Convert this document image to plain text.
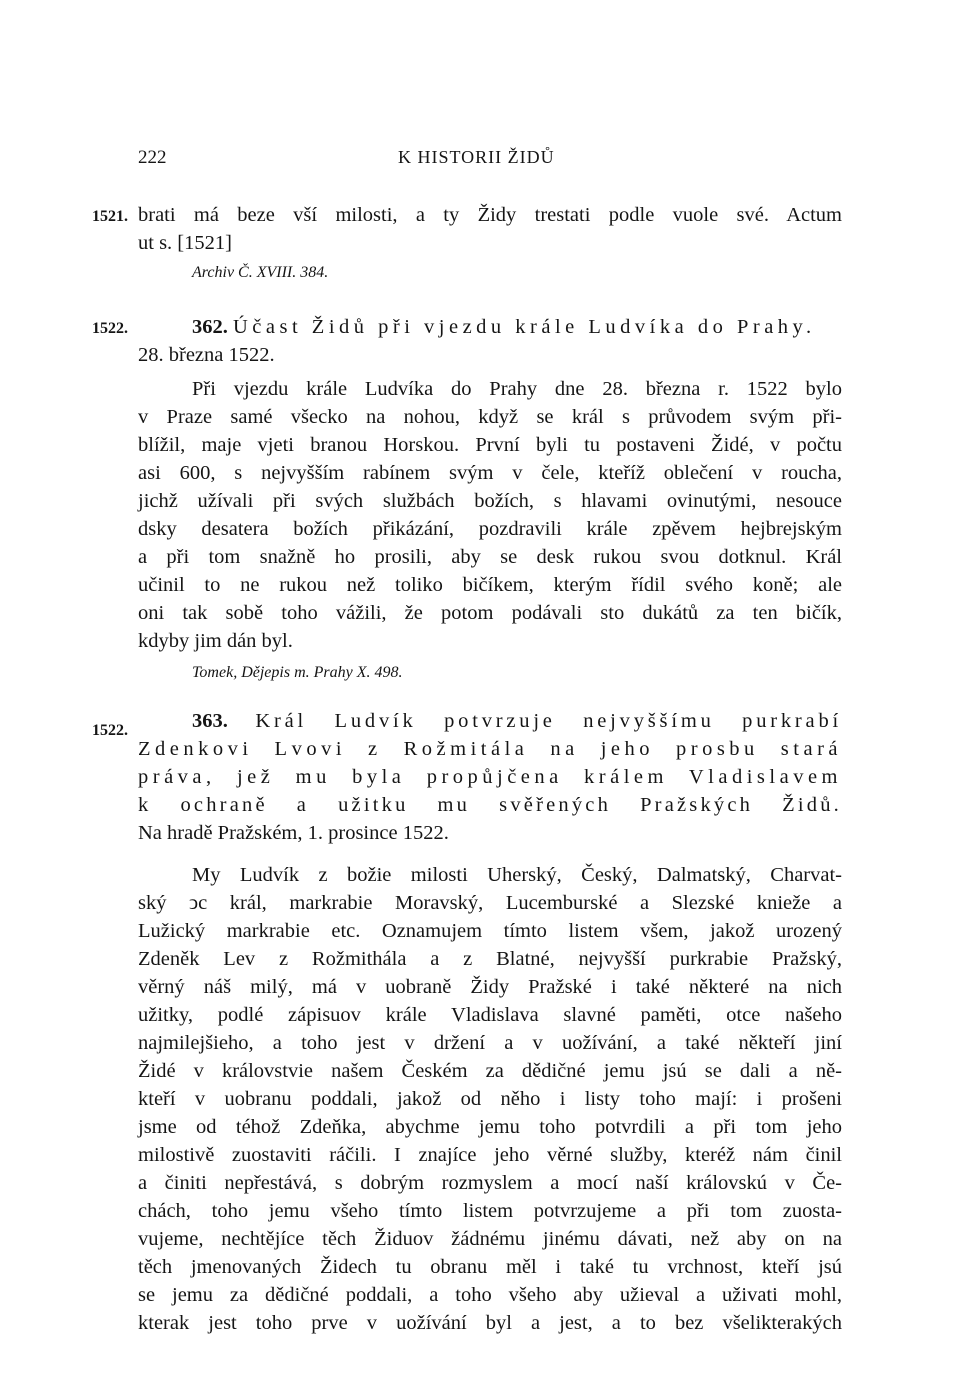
222	K HISTORII ŽIDŮ
1521. brati má beze vší milosti, a ty Židy trestati podle vuole své. Actum
ut s. [1521]
Archiv Č. XVIII. 384.
1522.	362. Účast Židů při vjezdu krále Ludvíka do Prahy.
28. března 1522.
Při vjezdu krále Ludvíka do Prahy dne 28. března r. 1522 bylo
v Praze samé všecko na nohou, když se král s průvodem svým při-
blížil, maje vjeti branou Horskou. První byli tu postaveni Židé, v počtu
asi 600, s nejvyšším rabínem svým v čele, kteříž oblečení v roucha,
jichž užívali při svých službách božích, s hlavami ovinutými, nesouce
dsky desatera božích přikázání, pozdravili krále zpěvem hejbrejským
a při tom snažně ho prosili, aby se desk rukou svou dotknul. Král
učinil to ne rukou než toliko bičíkem, kterým řídil svého koně; ale
oni tak sobě toho vážili, že potom podávali sto dukátů za ten bičík,
kdyby jim dán byl.
Tomek, Dějepis m. Prahy X. 498.
1522.	363. Král Ludvík potvrzuje nejvyššímu purkrabí
Zdenkovi Lvovi z Rožmitála na jeho prosbu stará
práva, jež mu byla propůjčena králem Vladislavem
k ochraně a užitku mu svěřených Pražských Židů.
Na hradě Pražském, 1. prosince 1522.
My Ludvík z božie milosti Uherský, Český, Dalmatský, Charvat-
ský ↄc král, markrabie Moravský, Lucemburské a Slezské knieže a
Lužický markrabie etc. Oznamujem tímto listem všem, jakož urozený
Zdeněk Lev z Rožmithála a z Blatné, nejvyšší purkrabie Pražský,
věrný náš milý, má v uobraně Židy Pražské i také některé na nich
užitky, podlé zápisuov krále Vladislava slavné paměti, otce našeho
najmilejšieho, a toho jest v držení a v uožívání, a také někteří jiní
Židé v královstvie našem Českém za dědičné jemu jsú se dali a ně-
kteří v uobranu poddali, jakož od něho i listy toho mají: i prošeni
jsme od téhož Zdeňka, abychme jemu toho potvrdili a při tom jeho
milostivě zuostaviti ráčili. I znajíce jeho věrné služby, kteréž nám činil
a činiti nepřestává, s dobrým rozmyslem a mocí naší královskú v Če-
chách, toho jemu všeho tímto listem potvrzujeme a při tom zuosta-
vujeme, nechtějíce těch Židuov žádnému jinému dávati, než aby on na
těch jmenovaných Židech tu obranu měl i také tu vrchnost, kteří jsú
se jemu za dědičné poddali, a toho všeho aby užieval a uživati mohl,
kterak jest toho prve v uožívání byl a jest, a to bez všelikterakých
